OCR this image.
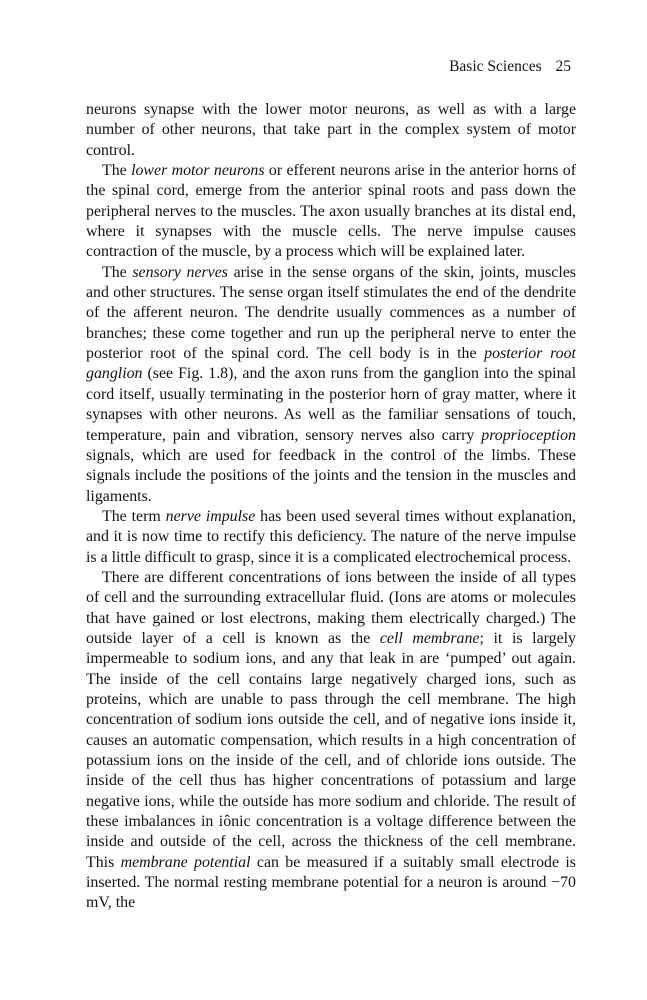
Basic Sciences 25

neurons synapse with the lower motor neurons, as well as with a large number of other neurons, that take part in the complex system of motor control.

The lower motor neurons or efferent neurons arise in the anterior horns of the spinal cord, emerge from the anterior spinal roots and pass down the peripheral nerves to the muscles. The axon usually branches at its distal end, where it synapses with the muscle cells. The nerve impulse causes contraction of the muscle, by a process which will be explained later.

The sensory nerves arise in the sense organs of the skin, joints, muscles and other structures. The sense organ itself stimulates the end of the dendrite of the afferent neuron. The dendrite usually commences as a number of branches; these come together and run up the peripheral nerve to enter the posterior root of the spinal cord. The cell body is in the posterior root ganglion (see Fig. 1.8), and the axon runs from the ganglion into the spinal cord itself, usually terminating in the posterior horn of gray matter, where it synapses with other neurons. As well as the familiar sensations of touch, temperature, pain and vibration, sensory nerves also carry proprioception signals, which are used for feedback in the control of the limbs. These signals include the positions of the joints and the tension in the muscles and ligaments.

The term nerve impulse has been used several times without explanation, and it is now time to rectify this deficiency. The nature of the nerve impulse is a little difficult to grasp, since it is a complicated electrochemical process.

There are different concentrations of ions between the inside of all types of cell and the surrounding extracellular fluid. (Ions are atoms or molecules that have gained or lost electrons, making them electrically charged.) The outside layer of a cell is known as the cell membrane; it is largely impermeable to sodium ions, and any that leak in are ‘pumped’ out again. The inside of the cell contains large negatively charged ions, such as proteins, which are unable to pass through the cell membrane. The high concentration of sodium ions outside the cell, and of negative ions inside it, causes an automatic compensation, which results in a high concentration of potassium ions on the inside of the cell, and of chloride ions outside. The inside of the cell thus has higher concentrations of potassium and large negative ions, while the outside has more sodium and chloride. The result of these imbalances in iônic concentration is a voltage difference between the inside and outside of the cell, across the thickness of the cell membrane. This membrane potential can be measured if a suitably small electrode is inserted. The normal resting membrane potential for a neuron is around −70 mV, the
